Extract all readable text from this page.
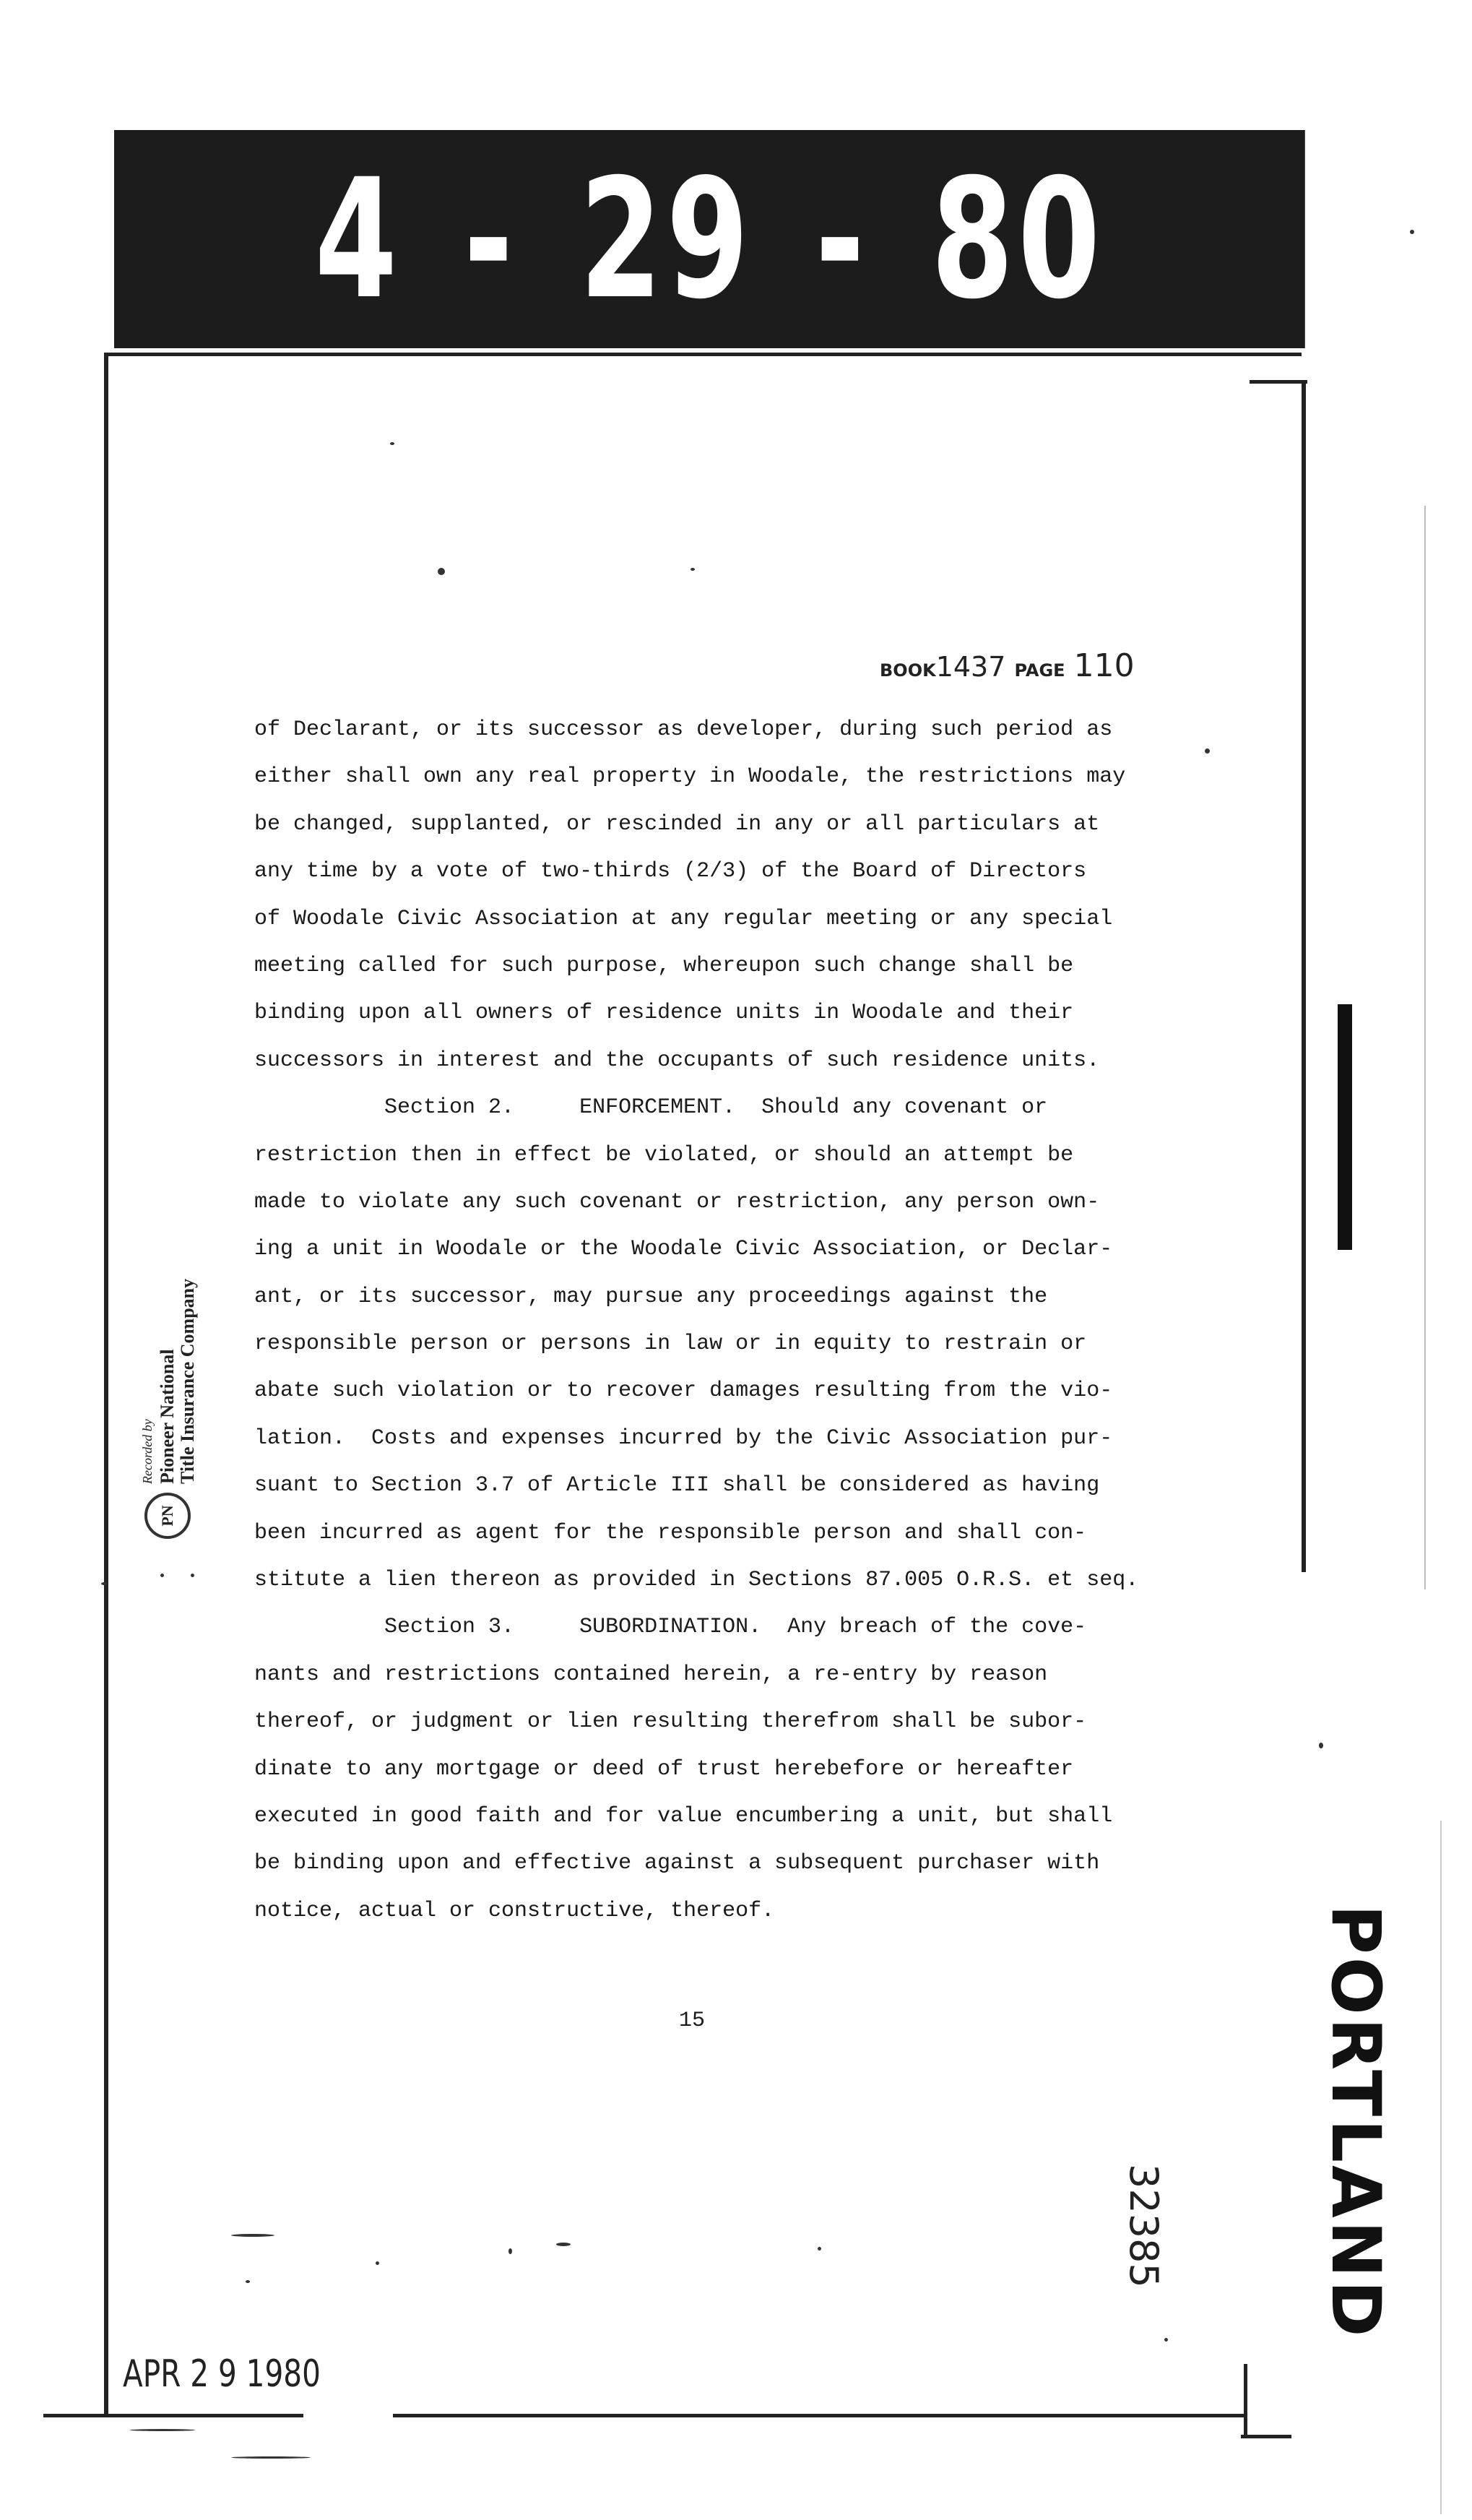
4 - 29 - 80
BOOK1437 PAGE 110
of Declarant, or its successor as developer, during such period as
either shall own any real property in Woodale, the restrictions may
be changed, supplanted, or rescinded in any or all particulars at
any time by a vote of two-thirds (2/3) of the Board of Directors
of Woodale Civic Association at any regular meeting or any special
meeting called for such purpose, whereupon such change shall be
binding upon all owners of residence units in Woodale and their
successors in interest and the occupants of such residence units.
Section 2.     ENFORCEMENT.  Should any covenant or
restriction then in effect be violated, or should an attempt be
made to violate any such covenant or restriction, any person own-
ing a unit in Woodale or the Woodale Civic Association, or Declar-
ant, or its successor, may pursue any proceedings against the
responsible person or persons in law or in equity to restrain or
abate such violation or to recover damages resulting from the vio-
lation.  Costs and expenses incurred by the Civic Association pur-
suant to Section 3.7 of Article III shall be considered as having
been incurred as agent for the responsible person and shall con-
stitute a lien thereon as provided in Sections 87.005 O.R.S. et seq.
Section 3.     SUBORDINATION.  Any breach of the cove-
nants and restrictions contained herein, a re-entry by reason
thereof, or judgment or lien resulting therefrom shall be subor-
dinate to any mortgage or deed of trust herebefore or hereafter
executed in good faith and for value encumbering a unit, but shall
be binding upon and effective against a subsequent purchaser with
notice, actual or constructive, thereof.
15	PORTLAND
32385
PN
Recorded by Pioneer National Title Insurance Company
APR 2 9 1980
